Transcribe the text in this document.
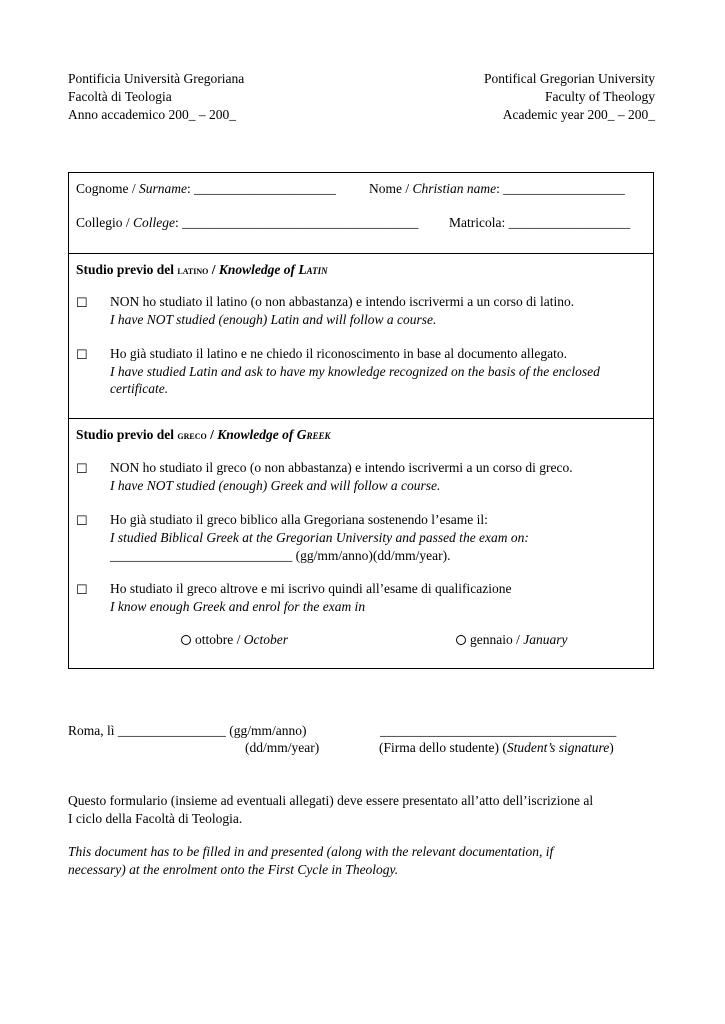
Pontificia Università Gregoriana
Facoltà di Teologia
Anno accademico 200_ – 200_
Pontifical Gregorian University
Faculty of Theology
Academic year 200_ – 200_
Cognome / Surname: _____________________ Nome / Christian name: __________________
Collegio / College: ___________________________________ Matricola: __________________
Studio previo del latino / Knowledge of Latin
☐ NON ho studiato il latino (o non abbastanza) e intendo iscrivermi a un corso di latino.
I have NOT studied (enough) Latin and will follow a course.
☐ Ho già studiato il latino e ne chiedo il riconoscimento in base al documento allegato.
I have studied Latin and ask to have my knowledge recognized on the basis of the enclosed
certificate.
Studio previo del greco / Knowledge of Greek
☐ NON ho studiato il greco (o non abbastanza) e intendo iscrivermi a un corso di greco.
I have NOT studied (enough) Greek and will follow a course.
☐ Ho già studiato il greco biblico alla Gregoriana sostenendo l’esame il:
I studied Biblical Greek at the Gregorian University and passed the exam on:
___________________________ (gg/mm/anno)(dd/mm/year).
☐ Ho studiato il greco altrove e mi iscrivo quindi all’esame di qualificazione
I know enough Greek and enrol for the exam in
ottobre / October	gennaio / January
Roma, lì ________________ (gg/mm/anno)
(dd/mm/year)
___________________________________
(Firma dello studente) (Student’s signature)
Questo formulario (insieme ad eventuali allegati) deve essere presentato all’atto dell’iscrizione al
I ciclo della Facoltà di Teologia.
This document has to be filled in and presented (along with the relevant documentation, if
necessary) at the enrolment onto the First Cycle in Theology.
